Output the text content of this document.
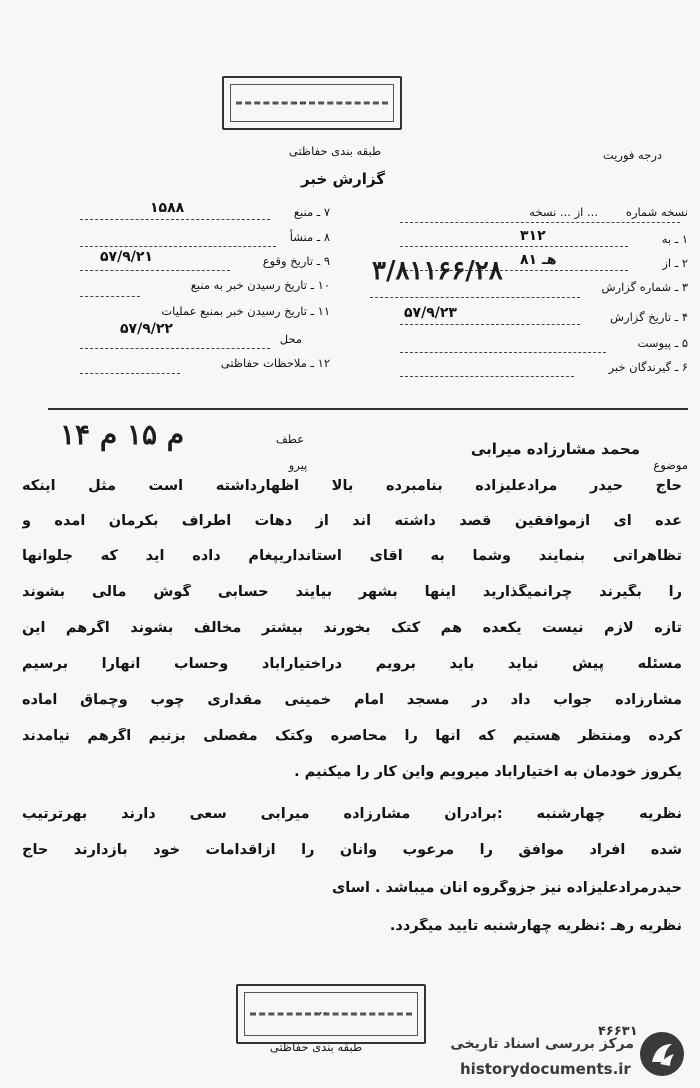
...
طبقه بندی حفاظتی	درجه فوریت
گزارش خبر
نسخه شماره
... از ... نسخه
۱ ـ به
۳۱۲
۲ ـ از
۸هـ ۱
۳ ـ شماره گزارش
۳/۸۱۱۶۶/۲۸
۴ ـ تاریخ گزارش
۵۷/۹/۲۳
۵ ـ پیوست
۶ ـ گیرندگان خبر
۷ ـ منبع
۱۵۸۸
۸ ـ منشأ
۹ ـ تاریخ وقوع
۵۷/۹/۲۱
۱۰ ـ تاریخ رسیدن خبر به منبع
۱۱ ـ تاریخ رسیدن خبر بمنبع عملیات
۵۷/۹/۲۲
محل
۱۲ ـ ملاحظات حفاظتی
۱۴ م ۱۵ م	عطف
پیرو	موضوع
محمد مشارزاده میرابی
حاج حیدر مرادعلیزاده بنامبرده بالا اظهارداشته است مثل اینکه
عده ای ازموافقین قصد داشته اند از دهات اطراف بکرمان آمده و
تظاهراتی بنمایند وشما به آقای استانداریپغام داده اید که جلوآنها
را بگیرند چرانمیگذارید اینها بشهر بیایند حسابی گوش مالی بشوند
تازه لازم نیست یکعده هم کتک بخورند بیشتر مخالف بشوند اگرهم این
مسئله پیش نیاید باید برویم دراختیارآباد وحساب آنهارا برسیم
مشارزاده جواب داد در مسجد امام خمینی مقداری چوب وچماق آماده
کرده ومنتظر هستیم که آنها را محاصره وکتک مفصلی بزنیم اگرهم نیامدند
یکروز خودمان به اختیارآباد میرویم واین کار را میکنیم .
نظریه چهارشنبه :برادران مشارزاده میرابی سعی دارند بهرترتیب
شده افراد موافق را مرعوب وآنان را ازاقدامات خود بازدارند حاج
حیدرمرادعلیزاده نیز جزوگروه آنان میباشد . آسای
نظریه رهـ :نظریه چهارشنبه تایید میگردد.
...
طبقه بندی حفاظتی
۴۶۶۳۱
مرکز بررسی اسناد تاریخی
historydocuments.ir
